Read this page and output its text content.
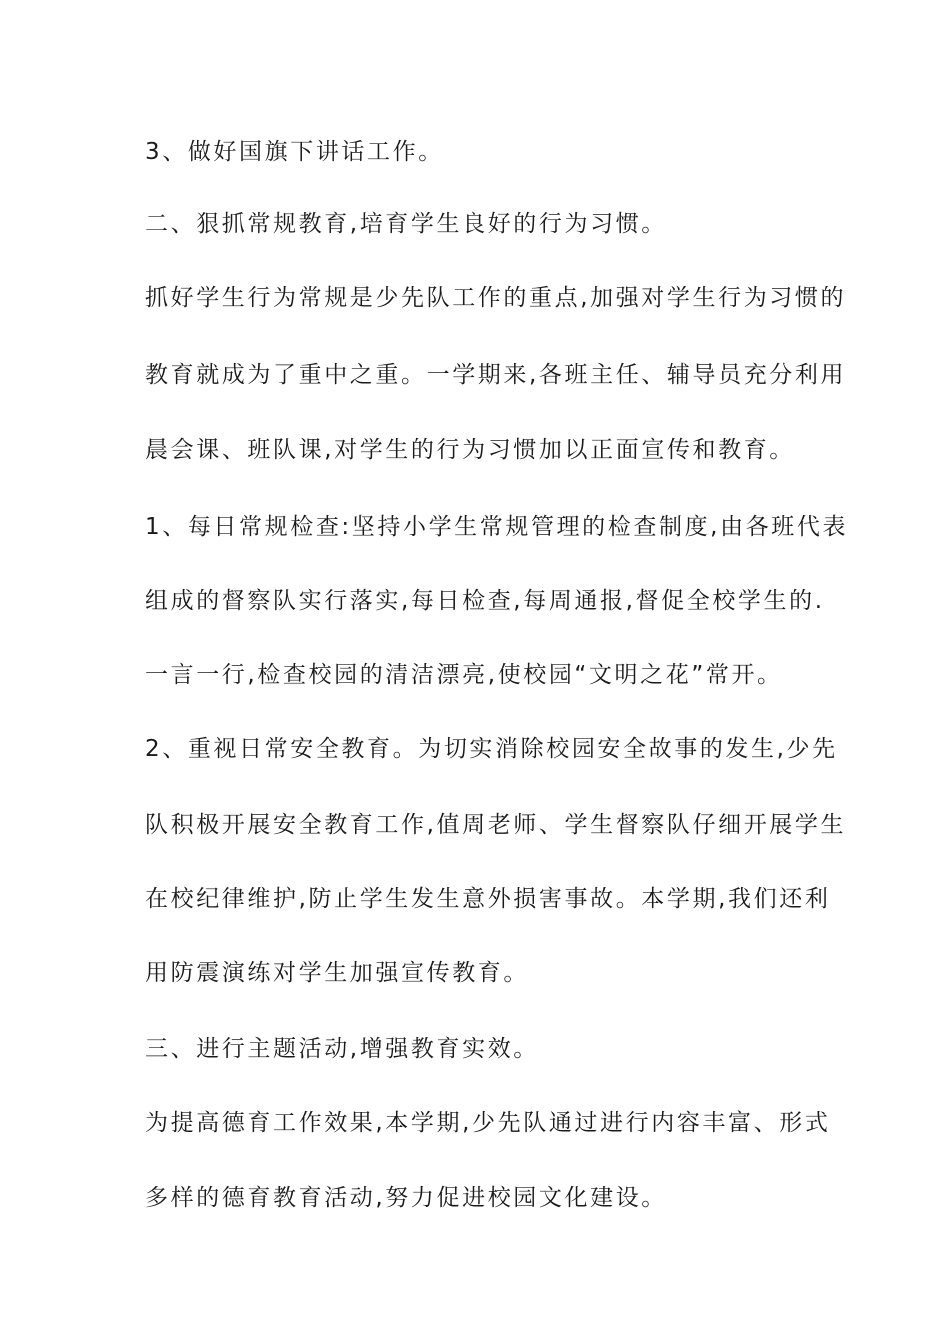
3、做好国旗下讲话工作。
二、狠抓常规教育,培育学生良好的行为习惯。
抓好学生行为常规是少先队工作的重点,加强对学生行为习惯的
教育就成为了重中之重。一学期来,各班主任、辅导员充分利用
晨会课、班队课,对学生的行为习惯加以正面宣传和教育。
1、每日常规检查:坚持小学生常规管理的检查制度,由各班代表
组成的督察队实行落实,每日检查,每周通报,督促全校学生的.
一言一行,检查校园的清洁漂亮,使校园“文明之花”常开。
2、重视日常安全教育。为切实消除校园安全故事的发生,少先
队积极开展安全教育工作,值周老师、学生督察队仔细开展学生
在校纪律维护,防止学生发生意外损害事故。本学期,我们还利
用防震演练对学生加强宣传教育。
三、进行主题活动,增强教育实效。
为提高德育工作效果,本学期,少先队通过进行内容丰富、形式
多样的德育教育活动,努力促进校园文化建设。
